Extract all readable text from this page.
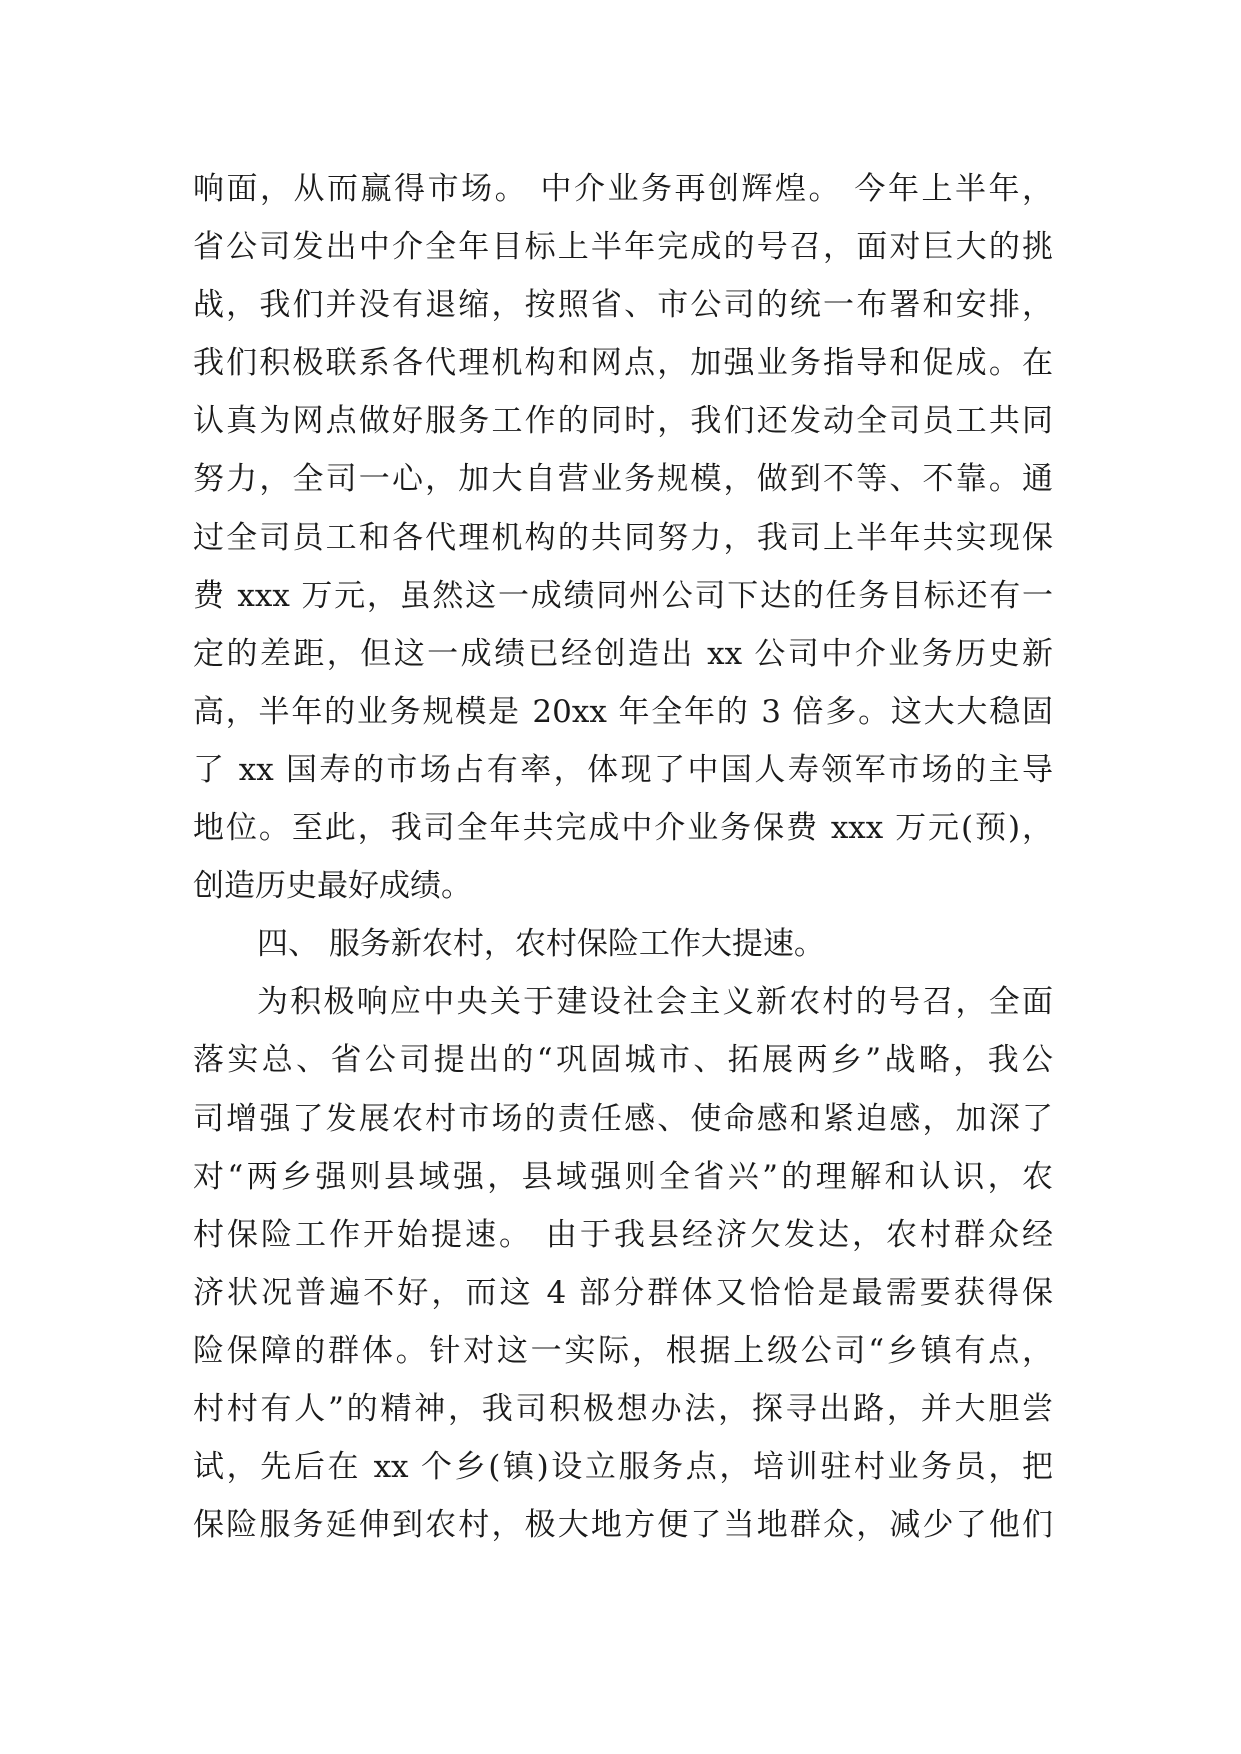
响面，从而赢得市场。 中介业务再创辉煌。 今年上半年，
省公司发出中介全年目标上半年完成的号召，面对巨大的挑
战，我们并没有退缩，按照省、市公司的统一布署和安排，
我们积极联系各代理机构和网点，加强业务指导和促成。在
认真为网点做好服务工作的同时，我们还发动全司员工共同
努力，全司一心，加大自营业务规模，做到不等、不靠。通
过全司员工和各代理机构的共同努力，我司上半年共实现保
费 xxx 万元，虽然这一成绩同州公司下达的任务目标还有一
定的差距，但这一成绩已经创造出 xx 公司中介业务历史新
高，半年的业务规模是 20xx 年全年的 3 倍多。这大大稳固
了 xx 国寿的市场占有率，体现了中国人寿领军市场的主导
地位。至此，我司全年共完成中介业务保费 xxx 万元(预)，
创造历史最好成绩。
四、 服务新农村，农村保险工作大提速。
为积极响应中央关于建设社会主义新农村的号召，全面
落实总、省公司提出的“巩固城市、拓展两乡”战略，我公
司增强了发展农村市场的责任感、使命感和紧迫感，加深了
对“两乡强则县域强，县域强则全省兴”的理解和认识，农
村保险工作开始提速。 由于我县经济欠发达，农村群众经
济状况普遍不好，而这 4 部分群体又恰恰是最需要获得保
险保障的群体。针对这一实际，根据上级公司“乡镇有点，
村村有人”的精神，我司积极想办法，探寻出路，并大胆尝
试，先后在 xx 个乡(镇)设立服务点，培训驻村业务员，把
保险服务延伸到农村，极大地方便了当地群众，减少了他们
